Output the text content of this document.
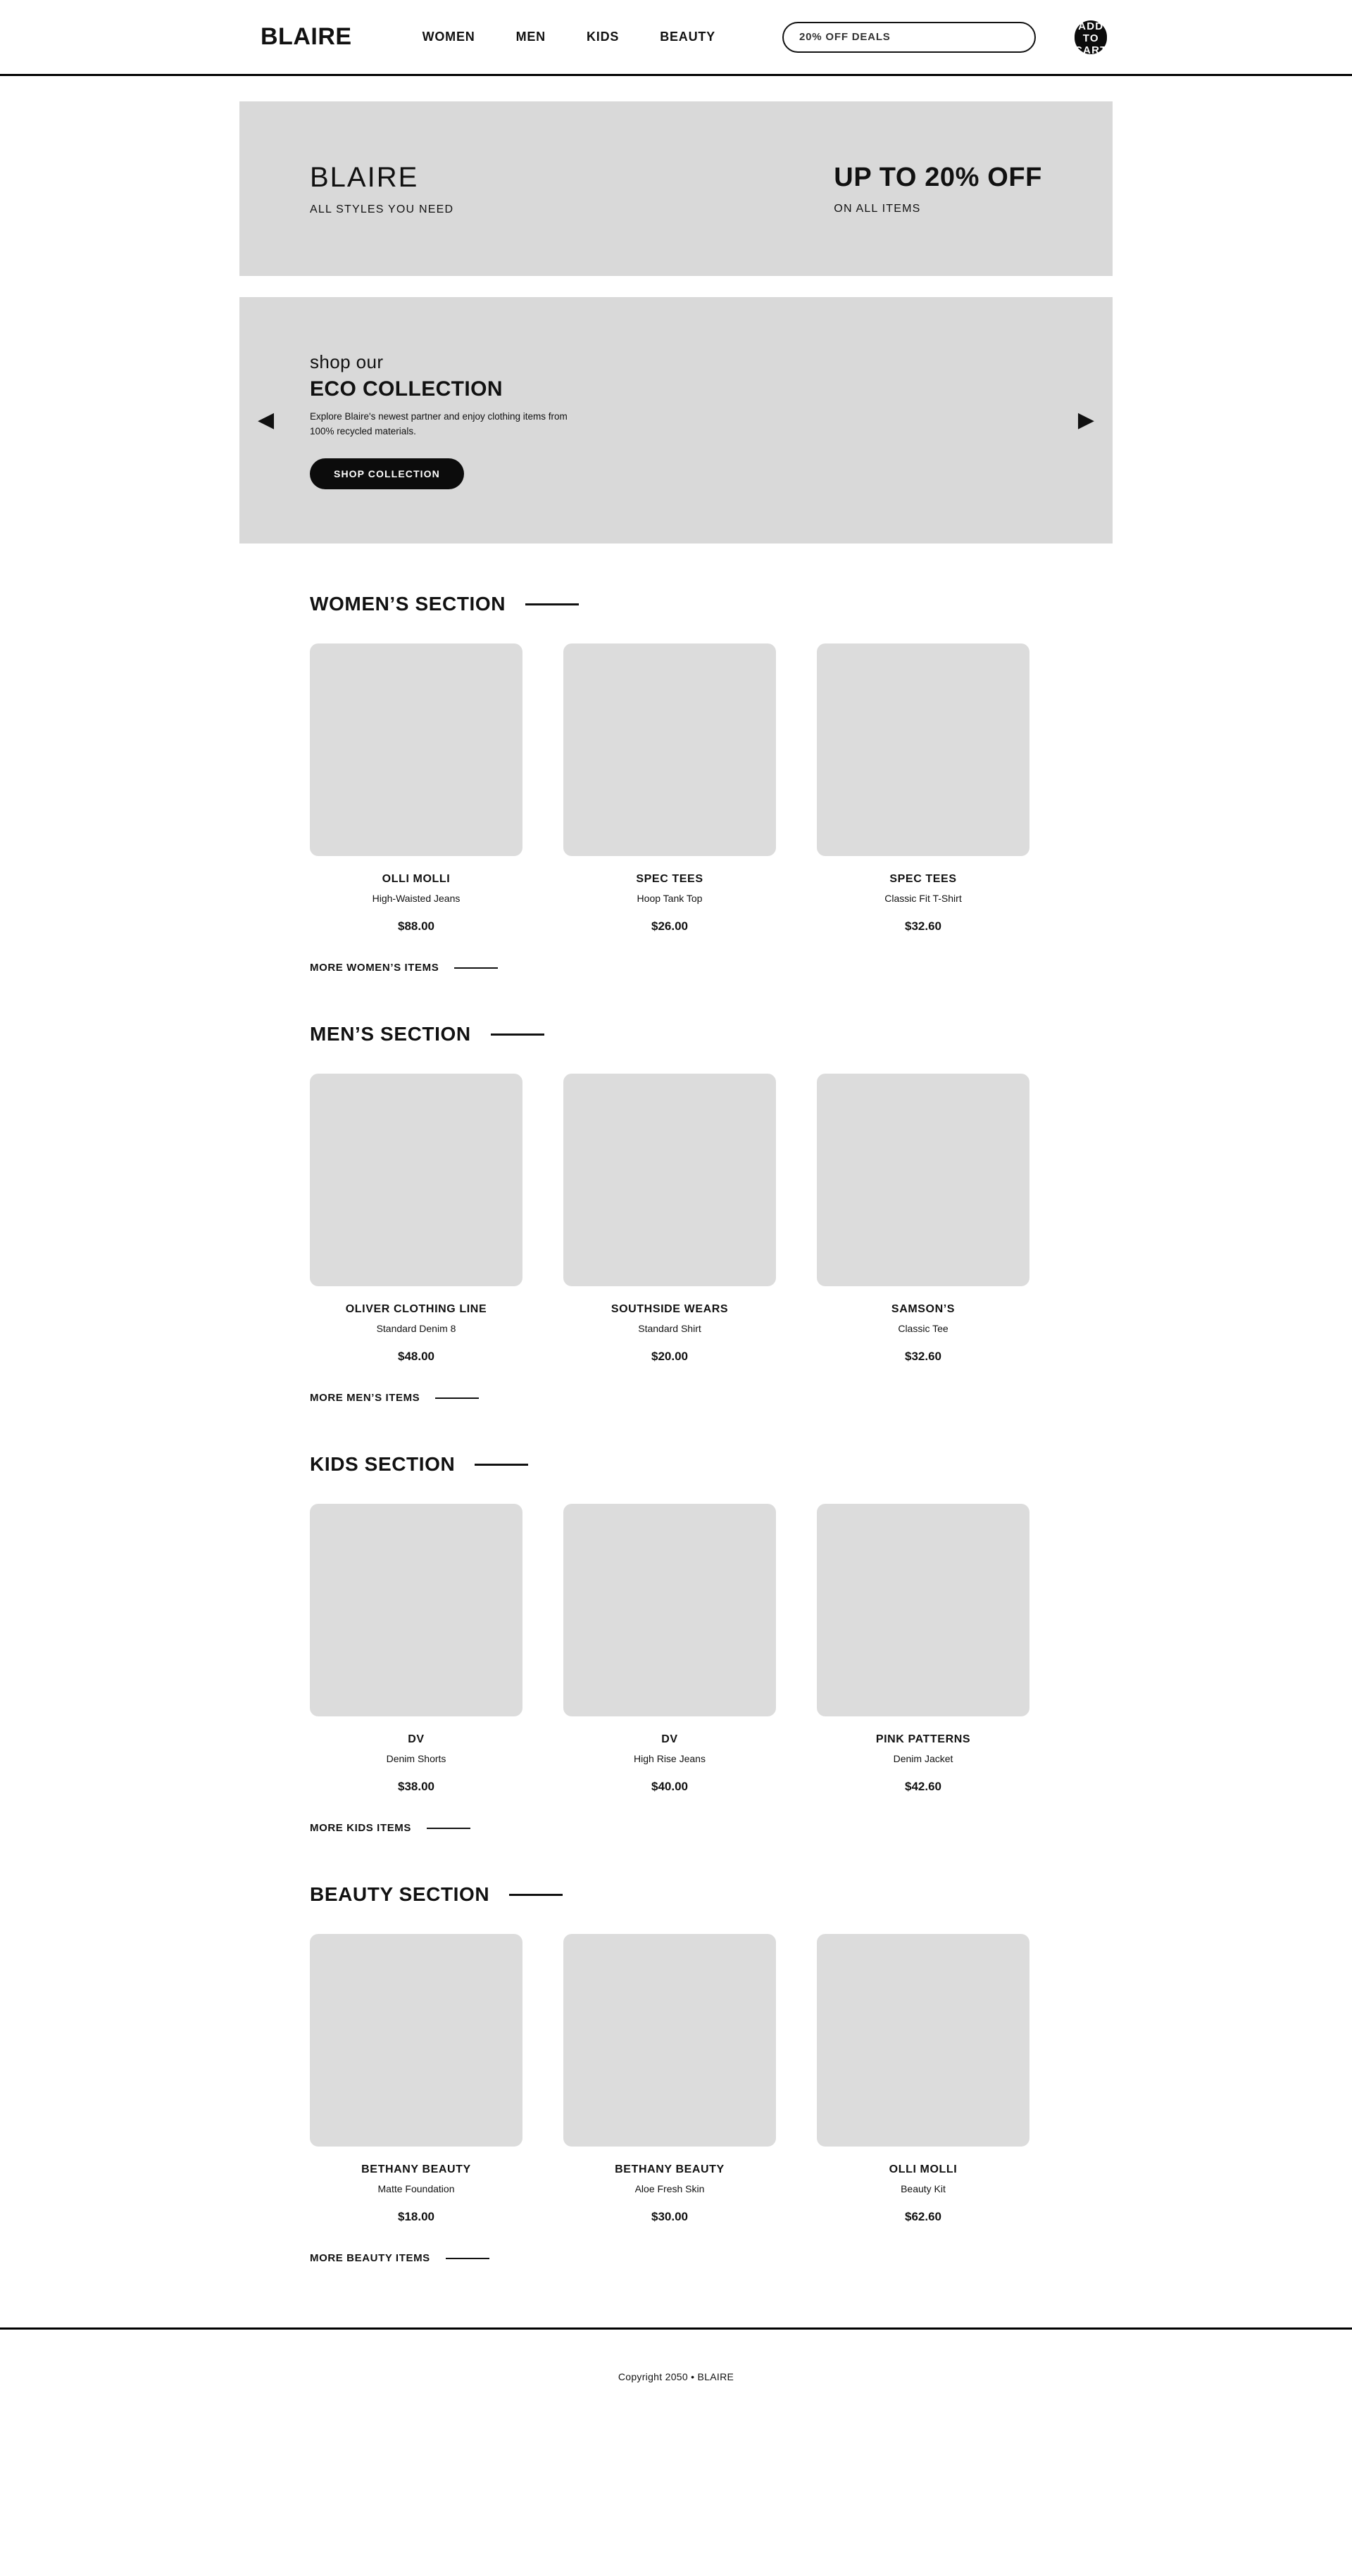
BLAIRE	WOMEN	MEN	KIDS	BEAUTY
20% OFF DEALS
ADD TO CART
BLAIRE
ALL STYLES YOU NEED
UP TO 20% OFF
ON ALL ITEMS
◀
shop our
ECO COLLECTION
Explore Blaire's newest partner and enjoy clothing items from 100% recycled materials.
SHOP COLLECTION
▶
WOMEN’S SECTION
OLLI MOLLI
High-Waisted Jeans
$88.00
SPEC TEES
Hoop Tank Top
$26.00
SPEC TEES
Classic Fit T-Shirt
$32.60
MORE WOMEN’S ITEMS
MEN’S SECTION
OLIVER CLOTHING LINE
Standard Denim 8
$48.00
SOUTHSIDE WEARS
Standard Shirt
$20.00
SAMSON’S
Classic Tee
$32.60
MORE MEN’S ITEMS
KIDS SECTION
DV
Denim Shorts
$38.00
DV
High Rise Jeans
$40.00
PINK PATTERNS
Denim Jacket
$42.60
MORE KIDS ITEMS
BEAUTY SECTION
BETHANY BEAUTY
Matte Foundation
$18.00
BETHANY BEAUTY
Aloe Fresh Skin
$30.00
OLLI MOLLI
Beauty Kit
$62.60
MORE BEAUTY ITEMS
Copyright 2050 • BLAIRE
